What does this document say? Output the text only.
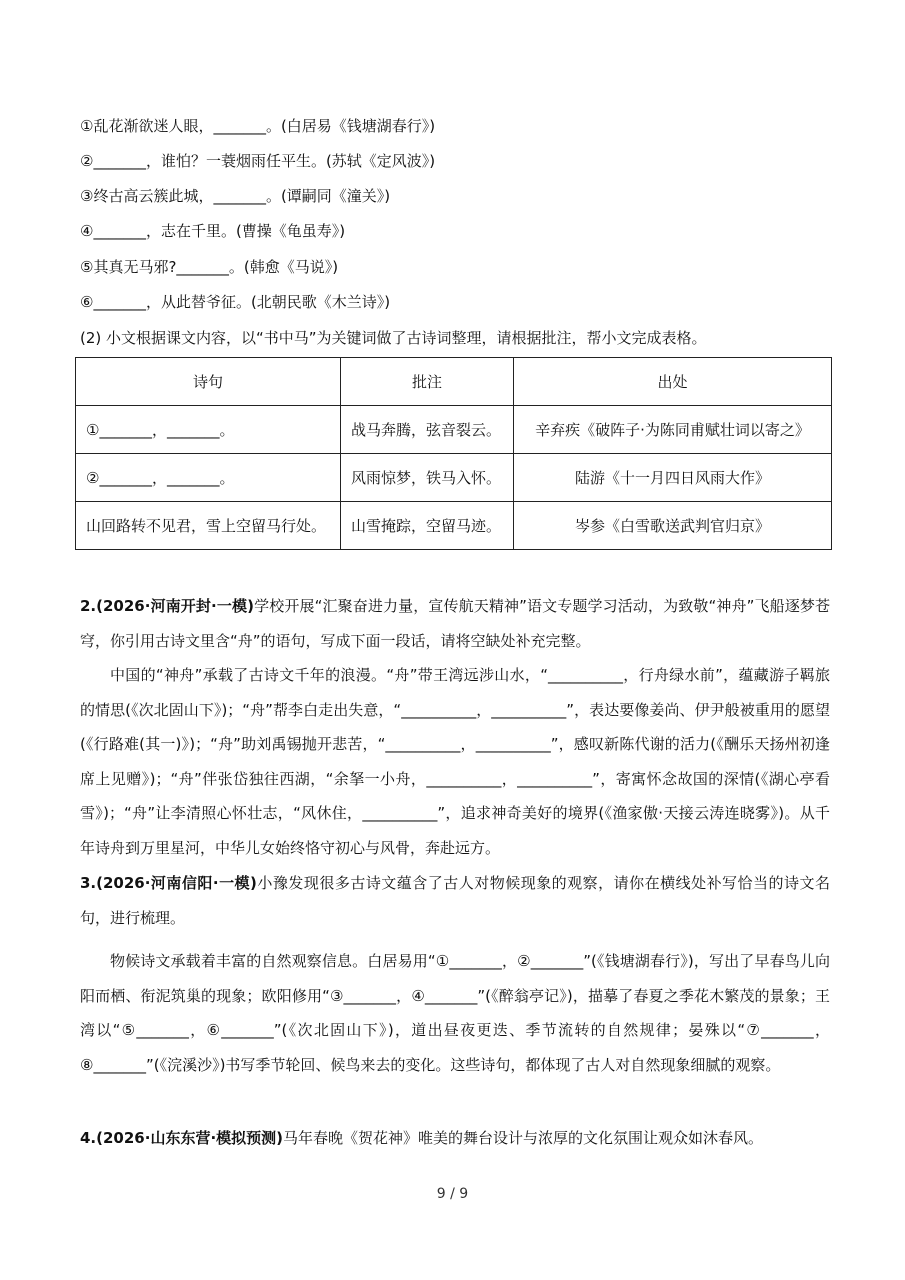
①乱花渐欲迷人眼，_______。(白居易《钱塘湖春行》)
②_______，谁怕？一蓑烟雨任平生。(苏轼《定风波》)
③终古高云簇此城，_______。(谭嗣同《潼关》)
④_______，志在千里。(曹操《龟虽寿》)
⑤其真无马邪?_______。(韩愈《马说》)
⑥_______，从此替爷征。(北朝民歌《木兰诗》)
(2) 小文根据课文内容，以“书中马”为关键词做了古诗词整理，请根据批注，帮小文完成表格。
诗句	批注	出处
①_______，_______。	战马奔腾，弦音裂云。	辛弃疾《破阵子·为陈同甫赋壮词以寄之》
②_______，_______。	风雨惊梦，铁马入怀。	陆游《十一月四日风雨大作》
山回路转不见君，雪上空留马行处。	山雪掩踪，空留马迹。	岑参《白雪歌送武判官归京》
2.(2026·河南开封·一模)学校开展“汇聚奋进力量，宣传航天精神”语文专题学习活动，为致敬“神舟”飞船逐梦苍穹，你引用古诗文里含“舟”的语句，写成下面一段话，请将空缺处补充完整。
中国的“神舟”承载了古诗文千年的浪漫。“舟”带王湾远涉山水，“__________，行舟绿水前”，蕴藏游子羁旅的情思(《次北固山下》)；“舟”帮李白走出失意，“__________，__________”，表达要像姜尚、伊尹般被重用的愿望(《行路难(其一)》)；“舟”助刘禹锡抛开悲苦，“__________，__________”，感叹新陈代谢的活力(《酬乐天扬州初逢席上见赠》)；“舟”伴张岱独往西湖，“余拏一小舟，__________，__________”，寄寓怀念故国的深情(《湖心亭看雪》)；“舟”让李清照心怀壮志，“风休住，__________”，追求神奇美好的境界(《渔家傲·天接云涛连晓雾》)。从千年诗舟到万里星河，中华儿女始终恪守初心与风骨，奔赴远方。
3.(2026·河南信阳·一模)小豫发现很多古诗文蕴含了古人对物候现象的观察，请你在横线处补写恰当的诗文名句，进行梳理。
物候诗文承载着丰富的自然观察信息。白居易用“①_______，②_______”(《钱塘湖春行》)，写出了早春鸟儿向阳而栖、衔泥筑巢的现象；欧阳修用“③_______，④_______”(《醉翁亭记》)，描摹了春夏之季花木繁茂的景象；王湾以“⑤_______，⑥_______”(《次北固山下》)，道出昼夜更迭、季节流转的自然规律；晏殊以“⑦_______，⑧_______”(《浣溪沙》)书写季节轮回、候鸟来去的变化。这些诗句，都体现了古人对自然现象细腻的观察。
4.(2026·山东东营·模拟预测)马年春晚《贺花神》唯美的舞台设计与浓厚的文化氛围让观众如沐春风。
9 / 9
